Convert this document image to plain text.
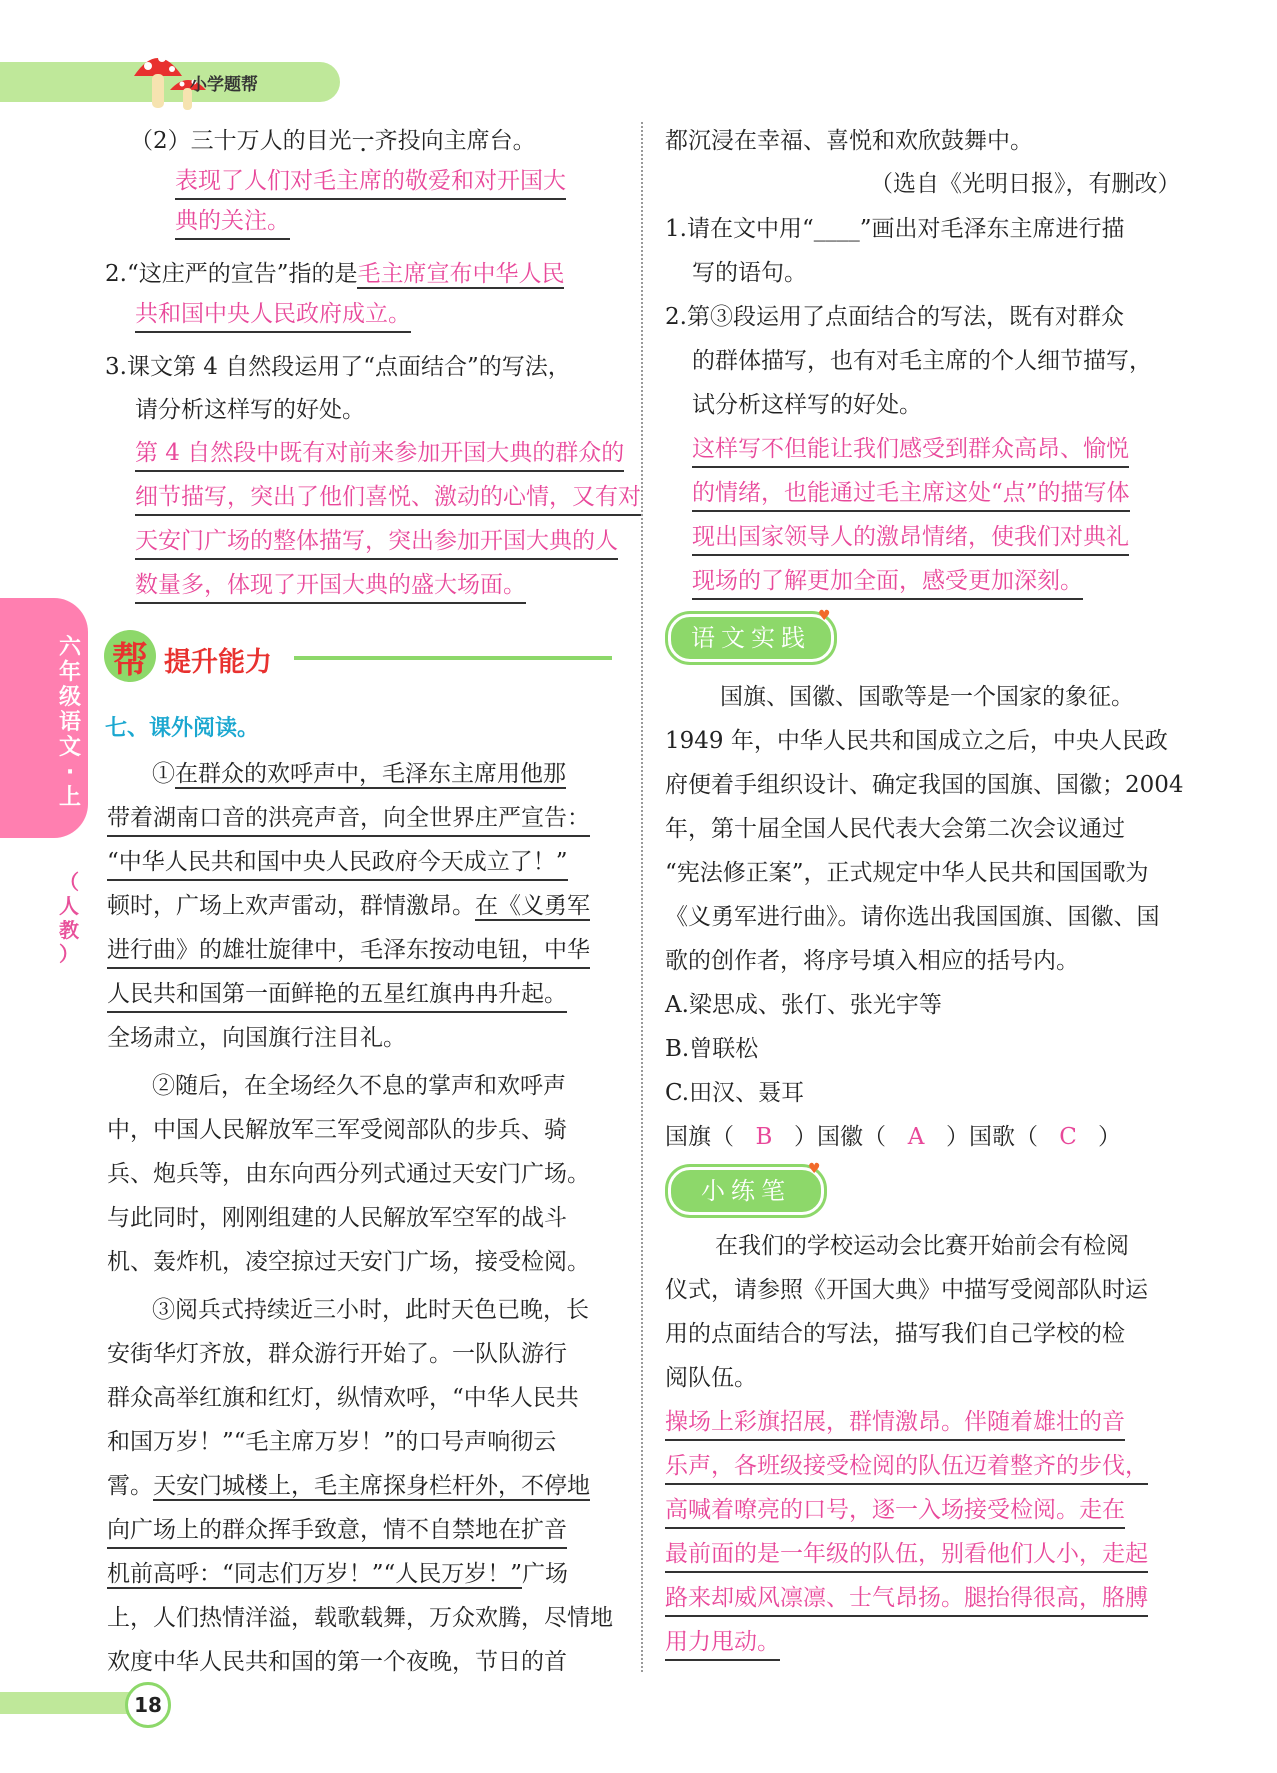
小学题帮
六
年
级
语
文
·
上
（
人
教
）
（2）三十万人的目光一齐投向主席台。
表现了人们对毛主席的敬爱和对开国大
典的关注。
2.“这庄严的宣告”指的是毛主席宣布中华人民
共和国中央人民政府成立。
3.课文第 4 自然段运用了“点面结合”的写法，
请分析这样写的好处。
第 4 自然段中既有对前来参加开国大典的群众的
细节描写，突出了他们喜悦、激动的心情，又有对
天安门广场的整体描写，突出参加开国大典的人
数量多，体现了开国大典的盛大场面。
帮 提升能力
七、课外阅读。
①在群众的欢呼声中，毛泽东主席用他那
带着湖南口音的洪亮声音，向全世界庄严宣告：
“中华人民共和国中央人民政府今天成立了！”
顿时，广场上欢声雷动，群情激昂。在《义勇军
进行曲》的雄壮旋律中，毛泽东按动电钮，中华
人民共和国第一面鲜艳的五星红旗冉冉升起。
全场肃立，向国旗行注目礼。
②随后，在全场经久不息的掌声和欢呼声
中，中国人民解放军三军受阅部队的步兵、骑
兵、炮兵等，由东向西分列式通过天安门广场。
与此同时，刚刚组建的人民解放军空军的战斗
机、轰炸机，凌空掠过天安门广场，接受检阅。
③阅兵式持续近三小时，此时天色已晚，长
安街华灯齐放，群众游行开始了。一队队游行
群众高举红旗和红灯，纵情欢呼，“中华人民共
和国万岁！”“毛主席万岁！”的口号声响彻云
霄。天安门城楼上，毛主席探身栏杆外，不停地
向广场上的群众挥手致意，情不自禁地在扩音
机前高呼：“同志们万岁！”“人民万岁！”广场
上，人们热情洋溢，载歌载舞，万众欢腾，尽情地
欢度中华人民共和国的第一个夜晚，节日的首
都沉浸在幸福、喜悦和欢欣鼓舞中。
（选自《光明日报》，有删改）
1.请在文中用“____”画出对毛泽东主席进行描
写的语句。
2.第③段运用了点面结合的写法，既有对群众
的群体描写，也有对毛主席的个人细节描写，
试分析这样写的好处。
这样写不但能让我们感受到群众高昂、愉悦
的情绪，也能通过毛主席这处“点”的描写体
现出国家领导人的激昂情绪，使我们对典礼
现场的了解更加全面，感受更加深刻。
语文实践
♥
国旗、国徽、国歌等是一个国家的象征。
1949 年，中华人民共和国成立之后，中央人民政
府便着手组织设计、确定我国的国旗、国徽；2004
年，第十届全国人民代表大会第二次会议通过
“宪法修正案”，正式规定中华人民共和国国歌为
《义勇军进行曲》。请你选出我国国旗、国徽、国
歌的创作者，将序号填入相应的括号内。
A.梁思成、张仃、张光宇等
B.曾联松
C.田汉、聂耳
国旗（ B ）国徽（ A ）国歌（ C ）
小练笔
♥
在我们的学校运动会比赛开始前会有检阅
仪式，请参照《开国大典》中描写受阅部队时运
用的点面结合的写法，描写我们自己学校的检
阅队伍。
操场上彩旗招展，群情激昂。伴随着雄壮的音
乐声，各班级接受检阅的队伍迈着整齐的步伐，
高喊着嘹亮的口号，逐一入场接受检阅。走在
最前面的是一年级的队伍，别看他们人小，走起
路来却威风凛凛、士气昂扬。腿抬得很高，胳膊
用力甩动。
18
